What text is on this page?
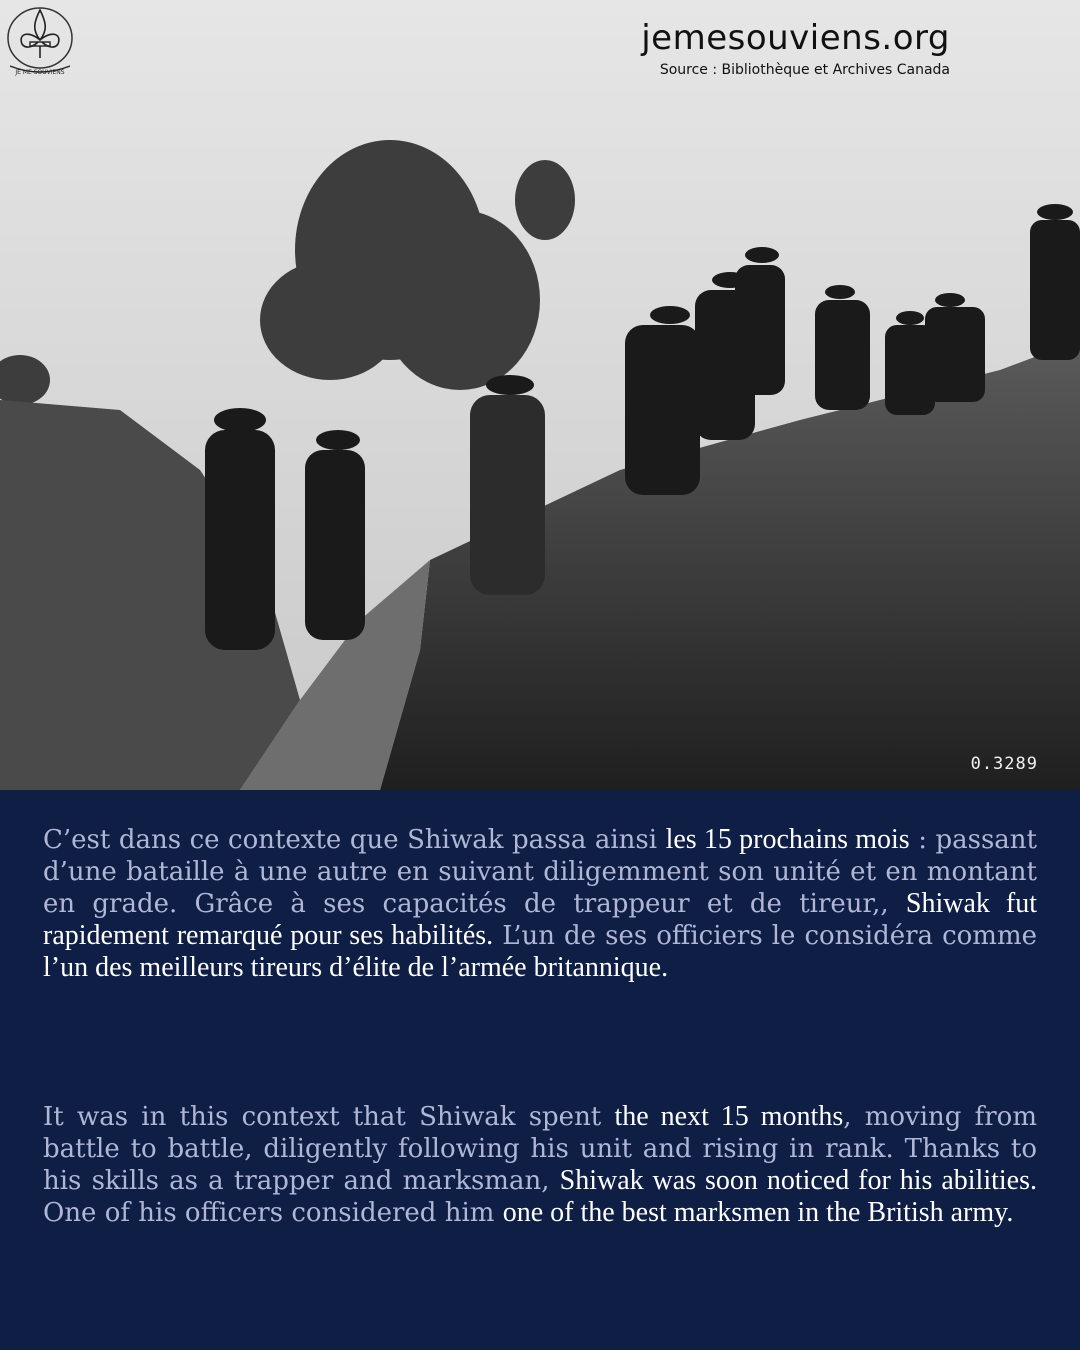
jemesouviens.org
Source : Bibliothèque et Archives Canada
JE ME SOUVIENS
0.3289
C’est dans ce contexte que Shiwak passa ainsi les 15 prochains mois : passant d’une bataille à une autre en suivant diligemment son unité et en montant en grade. Grâce à ses capacités de trappeur et de tireur,, Shiwak fut rapidement remarqué pour ses habilités. L’un de ses officiers le considéra comme l’un des meilleurs tireurs d’élite de l’armée britannique.
It was in this context that Shiwak spent the next 15 months, moving from battle to battle, diligently following his unit and rising in rank. Thanks to his skills as a trapper and marksman, Shiwak was soon noticed for his abilities. One of his officers considered him one of the best marksmen in the British army.
